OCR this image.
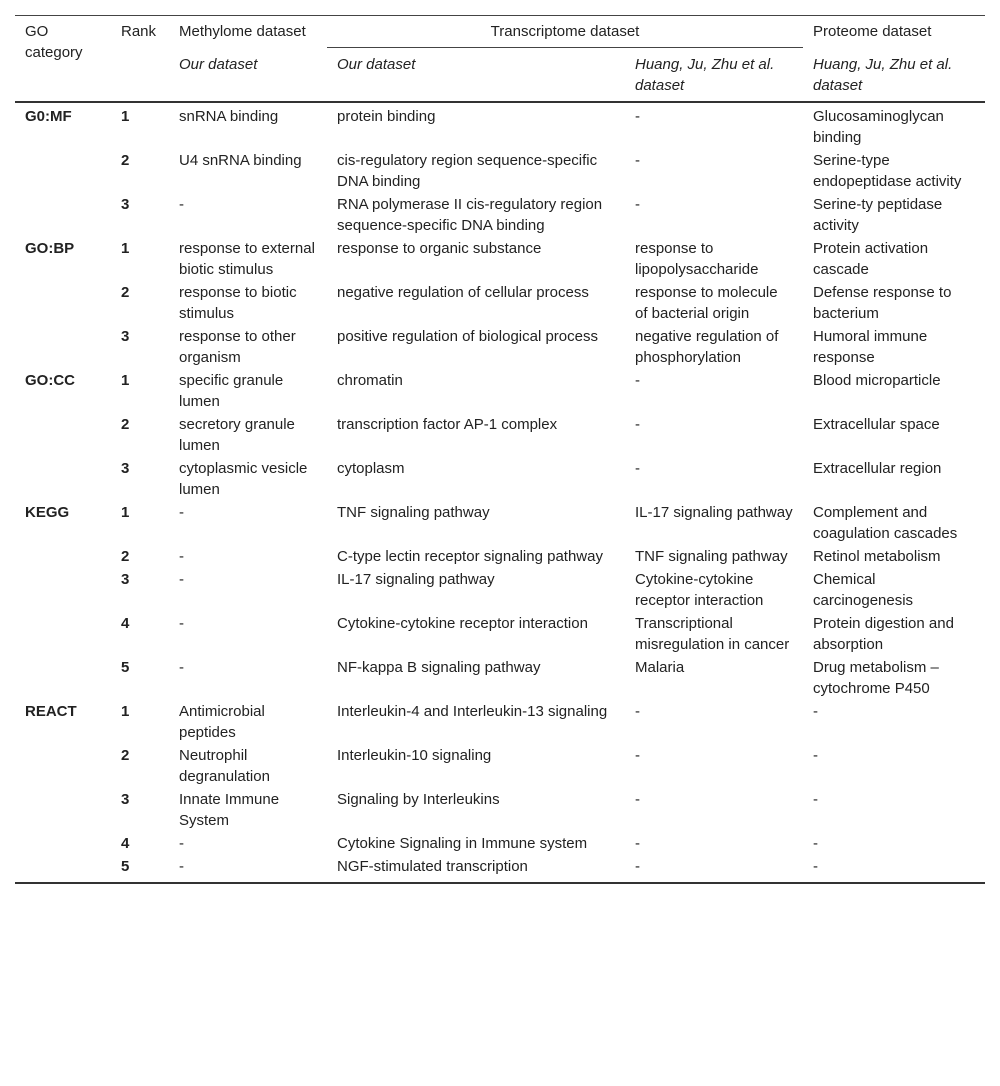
GO category	Rank	Methylome dataset	Transcriptome dataset		Proteome dataset
		Our dataset	Our dataset	Huang, Ju, Zhu et al. dataset	Huang, Ju, Zhu et al. dataset
G0:MF	1	snRNA binding	protein binding	-	Glucosaminoglycan binding
	2	U4 snRNA binding	cis-regulatory region sequence-specific DNA binding	-	Serine-type endopeptidase activity
	3	-	RNA polymerase II cis-regulatory region sequence-specific DNA binding	-	Serine-ty peptidase activity
GO:BP	1	response to external biotic stimulus	response to organic substance	response to lipopolysaccharide	Protein activation cascade
	2	response to biotic stimulus	negative regulation of cellular process	response to molecule of bacterial origin	Defense response to bacterium
	3	response to other organism	positive regulation of biological process	negative regulation of phosphorylation	Humoral immune response
GO:CC	1	specific granule lumen	chromatin	-	Blood microparticle
	2	secretory granule lumen	transcription factor AP-1 complex	-	Extracellular space
	3	cytoplasmic vesicle lumen	cytoplasm	-	Extracellular region
KEGG	1	-	TNF signaling pathway	IL-17 signaling pathway	Complement and coagulation cascades
	2	-	C-type lectin receptor signaling pathway	TNF signaling pathway	Retinol metabolism
	3	-	IL-17 signaling pathway	Cytokine-cytokine receptor interaction	Chemical carcinogenesis
	4	-	Cytokine-cytokine receptor interaction	Transcriptional misregulation in cancer	Protein digestion and absorption
	5	-	NF-kappa B signaling pathway	Malaria	Drug metabolism – cytochrome P450
REACT	1	Antimicrobial peptides	Interleukin-4 and Interleukin-13 signaling	-	-
	2	Neutrophil degranulation	Interleukin-10 signaling	-	-
	3	Innate Immune System	Signaling by Interleukins	-	-
	4	-	Cytokine Signaling in Immune system	-	-
	5	-	NGF-stimulated transcription	-	-
